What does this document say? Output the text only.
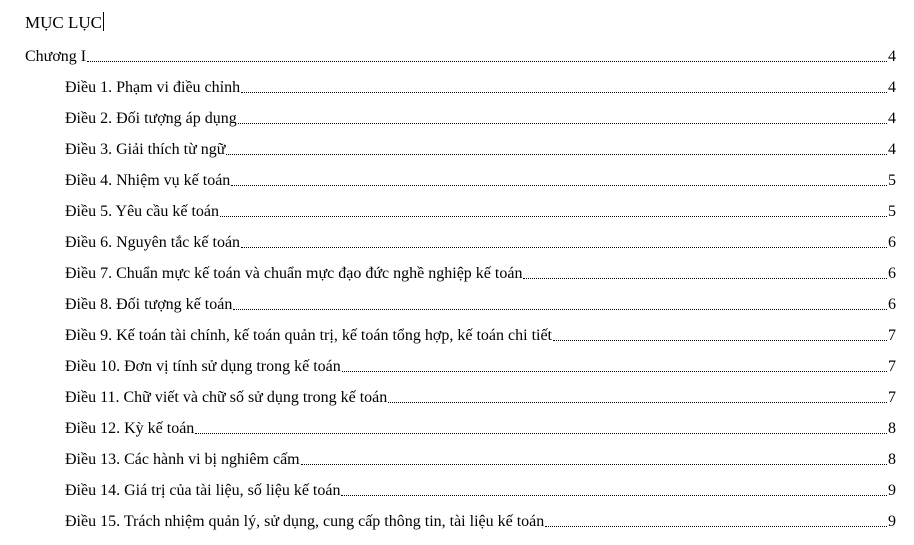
MỤC LỤC
Chương I	4
Điều 1. Phạm vi điều chỉnh	4
Điều 2. Đối tượng áp dụng	4
Điều 3. Giải thích từ ngữ	4
Điều 4. Nhiệm vụ kế toán	5
Điều 5. Yêu cầu kế toán	5
Điều 6. Nguyên tắc kế toán	6
Điều 7. Chuẩn mực kế toán và chuẩn mực đạo đức nghề nghiệp kế toán	6
Điều 8. Đối tượng kế toán	6
Điều 9. Kế toán tài chính, kế toán quản trị, kế toán tổng hợp, kế toán chi tiết	7
Điều 10. Đơn vị tính sử dụng trong kế toán	7
Điều 11. Chữ viết và chữ số sử dụng trong kế toán	7
Điều 12. Kỳ kế toán	8
Điều 13. Các hành vi bị nghiêm cấm	8
Điều 14. Giá trị của tài liệu, số liệu kế toán	9
Điều 15. Trách nhiệm quản lý, sử dụng, cung cấp thông tin, tài liệu kế toán	9
